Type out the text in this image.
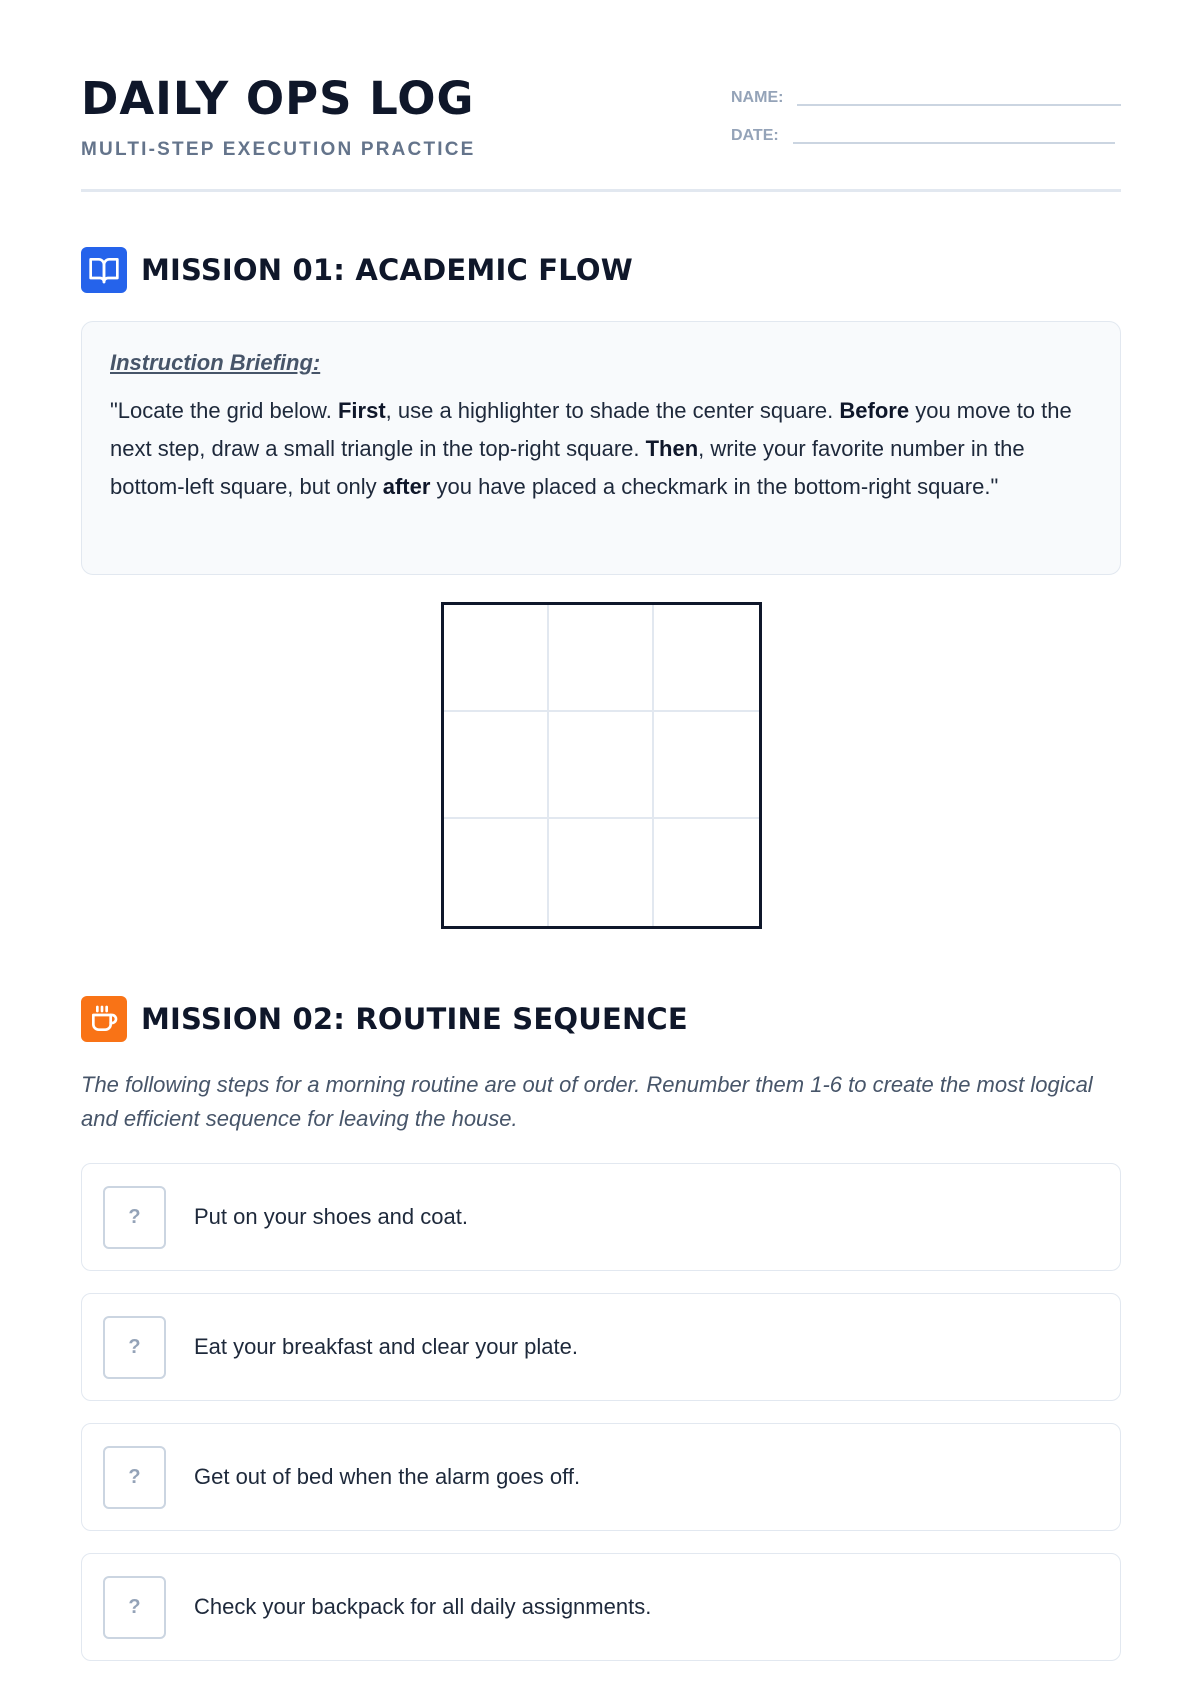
DAILY OPS LOG
MULTI-STEP EXECUTION PRACTICE
NAME:
DATE:
MISSION 01: ACADEMIC FLOW
Instruction Briefing:
"Locate the grid below. First, use a highlighter to shade the center square. Before you move to the next step, draw a small triangle in the top-right square. Then, write your favorite number in the bottom-left square, but only after you have placed a checkmark in the bottom-right square."
MISSION 02: ROUTINE SEQUENCE
The following steps for a morning routine are out of order. Renumber them 1-6 to create the most logical and efficient sequence for leaving the house.
?	Put on your shoes and coat.
?	Eat your breakfast and clear your plate.
?	Get out of bed when the alarm goes off.
?	Check your backpack for all daily assignments.
